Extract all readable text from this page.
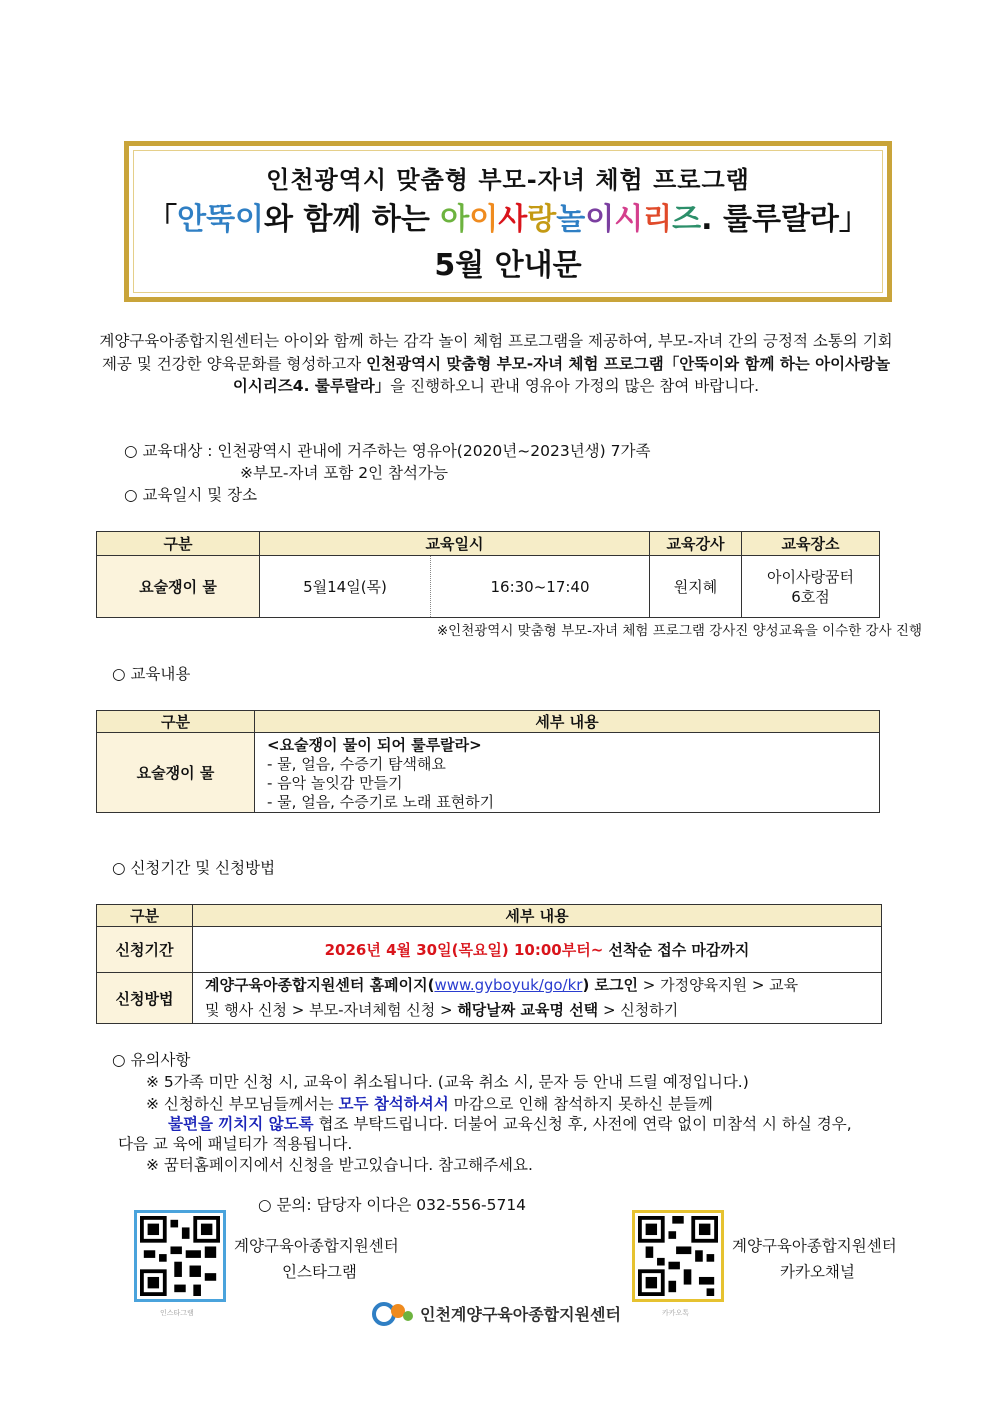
인천광역시 맞춤형 부모-자녀 체험 프로그램
「안뚝이와 함께 하는 아이사랑놀이시리즈. 룰루랄라」
5월 안내문
계양구육아종합지원센터는 아이와 함께 하는 감각 놀이 체험 프로그램을 제공하여, 부모-자녀 간의 긍정적 소통의 기회 제공 및 건강한 양육문화를 형성하고자 인천광역시 맞춤형 부모-자녀 체험 프로그램「안뚝이와 함께 하는 아이사랑놀이시리즈4. 룰루랄라」을 진행하오니 관내 영유아 가정의 많은 참여 바랍니다.
○ 교육대상 : 인천광역시 관내에 거주하는 영유아(2020년~2023년생) 7가족
※부모-자녀 포함 2인 참석가능
○ 교육일시 및 장소
구분	교육일시		교육강사	교육장소
요술쟁이 물	5월14일(목)	16:30~17:40	원지혜	아이사랑꿈터
6호점
※인천광역시 맞춤형 부모-자녀 체험 프로그램 강사진 양성교육을 이수한 강사 진행
○ 교육내용
구분	세부 내용
요술쟁이 물	<요술쟁이 물이 되어 룰루랄라>
- 물, 얼음, 수증기 탐색해요
- 음악 놀잇감 만들기
- 물, 얼음, 수증기로 노래 표현하기
○ 신청기간 및 신청방법
구분	세부 내용
신청기간	2026년 4월 30일(목요일) 10:00부터~ 선착순 접수 마감까지
신청방법	계양구육아종합지원센터 홈페이지(www.gyboyuk/go/kr) 로그인 > 가정양육지원 > 교육
및 행사 신청 > 부모-자녀체험 신청 > 해당날짜 교육명 선택 > 신청하기
○ 유의사항
※ 5가족 미만 신청 시, 교육이 취소됩니다. (교육 취소 시, 문자 등 안내 드릴 예정입니다.)
※ 신청하신 부모님들께서는 모두 참석하셔서 마감으로 인해 참석하지 못하신 분들께
불편을 끼치지 않도록 협조 부탁드립니다. 더불어 교육신청 후, 사전에 연락 없이 미참석 시 하실 경우,
다음 교 육에 패널티가 적용됩니다.
※ 꿈터홈페이지에서 신청을 받고있습니다. 참고해주세요.
○ 문의: 담당자 이다은 032-556-5714
인스타그램
계양구육아종합지원센터
인스타그램
카카오톡
계양구육아종합지원센터
카카오채널
인천계양구육아종합지원센터
